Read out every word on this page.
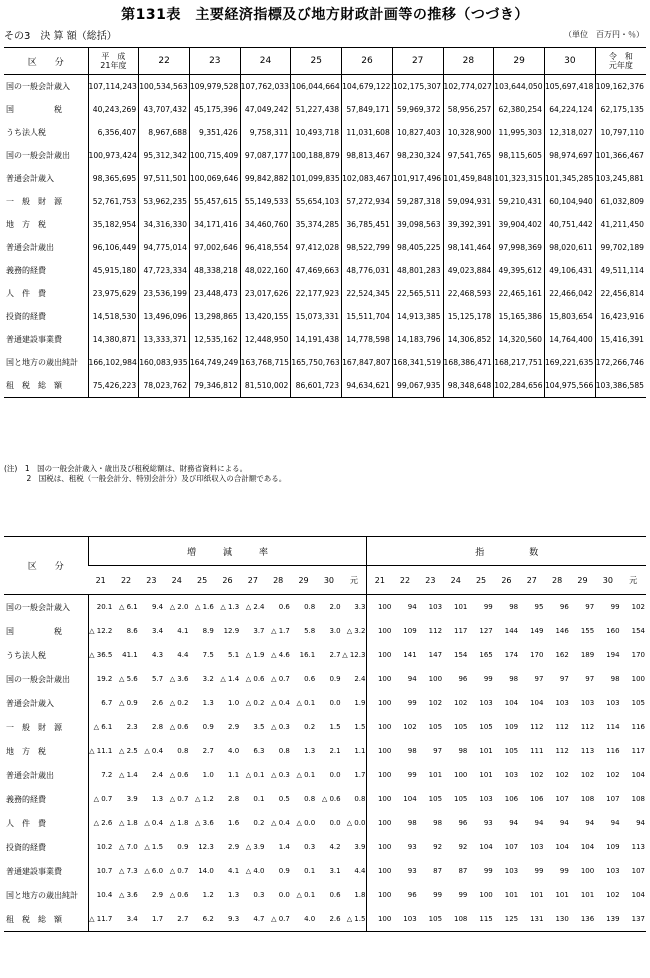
第131表　主要経済指標及び地方財政計画等の推移（つづき）
その3　決 算 額（総括）	（単位　百万円・％）
区　　分	平　成
21年度	22	23	24	25	26	27	28	29	30	令　和
元年度
国の一般会計歳入	107,114,243	100,534,563	109,979,528	107,762,033	106,044,664	104,679,122	102,175,307	102,774,027	103,644,050	105,697,418	109,162,376
国　　　　　税	40,243,269	43,707,432	45,175,396	47,049,242	51,227,438	57,849,171	59,969,372	58,956,257	62,380,254	64,224,124	62,175,135
うち法人税	6,356,407	8,967,688	9,351,426	9,758,311	10,493,718	11,031,608	10,827,403	10,328,900	11,995,303	12,318,027	10,797,110
国の一般会計歳出	100,973,424	95,312,342	100,715,409	97,087,177	100,188,879	98,813,467	98,230,324	97,541,765	98,115,605	98,974,697	101,366,467
普通会計歳入	98,365,695	97,511,501	100,069,646	99,842,882	101,099,835	102,083,467	101,917,496	101,459,848	101,323,315	101,345,285	103,245,881
一　般　財　源	52,761,753	53,962,235	55,457,615	55,149,533	55,654,103	57,272,934	59,287,318	59,094,931	59,210,431	60,104,940	61,032,809
地　方　税	35,182,954	34,316,330	34,171,416	34,460,760	35,374,285	36,785,451	39,098,563	39,392,391	39,904,402	40,751,442	41,211,450
普通会計歳出	96,106,449	94,775,014	97,002,646	96,418,554	97,412,028	98,522,799	98,405,225	98,141,464	97,998,369	98,020,611	99,702,189
義務的経費	45,915,180	47,723,334	48,338,218	48,022,160	47,469,663	48,776,031	48,801,283	49,023,884	49,395,612	49,106,431	49,511,114
人　件　費	23,975,629	23,536,199	23,448,473	23,017,626	22,177,923	22,524,345	22,565,511	22,468,593	22,465,161	22,466,042	22,456,814
投資的経費	14,518,530	13,496,096	13,298,865	13,420,155	15,073,331	15,511,704	14,913,385	15,125,178	15,165,386	15,803,654	16,423,916
普通建設事業費	14,380,871	13,333,371	12,535,162	12,448,950	14,191,438	14,778,598	14,183,796	14,306,852	14,320,560	14,764,400	15,416,391
国と地方の歳出純計	166,102,984	160,083,935	164,749,249	163,768,715	165,750,763	167,847,807	168,341,519	168,386,471	168,217,751	169,221,635	172,266,746
租　税　総　額	75,426,223	78,023,762	79,346,812	81,510,002	86,601,723	94,634,621	99,067,935	98,348,648	102,284,656	104,975,566	103,386,585
(注)　1　国の一般会計歳入・歳出及び租税総額は、財務省資料による。
　　　2　国税は、租税（一般会計分、特別会計分）及び印紙収入の合計額である。
区　　分	増　　　減　　　率											指　　　　　数										
	21	22	23	24	25	26	27	28	29	30	元	21	22	23	24	25	26	27	28	29	30	元
国の一般会計歳入	20.1	△ 6.1	9.4	△ 2.0	△ 1.6	△ 1.3	△ 2.4	0.6	0.8	2.0	3.3	100	94	103	101	99	98	95	96	97	99	102
国　　　　　税	△ 12.2	8.6	3.4	4.1	8.9	12.9	3.7	△ 1.7	5.8	3.0	△ 3.2	100	109	112	117	127	144	149	146	155	160	154
うち法人税	△ 36.5	41.1	4.3	4.4	7.5	5.1	△ 1.9	△ 4.6	16.1	2.7	△ 12.3	100	141	147	154	165	174	170	162	189	194	170
国の一般会計歳出	19.2	△ 5.6	5.7	△ 3.6	3.2	△ 1.4	△ 0.6	△ 0.7	0.6	0.9	2.4	100	94	100	96	99	98	97	97	97	98	100
普通会計歳入	6.7	△ 0.9	2.6	△ 0.2	1.3	1.0	△ 0.2	△ 0.4	△ 0.1	0.0	1.9	100	99	102	102	103	104	104	103	103	103	105
一　般　財　源	△ 6.1	2.3	2.8	△ 0.6	0.9	2.9	3.5	△ 0.3	0.2	1.5	1.5	100	102	105	105	105	109	112	112	112	114	116
地　方　税	△ 11.1	△ 2.5	△ 0.4	0.8	2.7	4.0	6.3	0.8	1.3	2.1	1.1	100	98	97	98	101	105	111	112	113	116	117
普通会計歳出	7.2	△ 1.4	2.4	△ 0.6	1.0	1.1	△ 0.1	△ 0.3	△ 0.1	0.0	1.7	100	99	101	100	101	103	102	102	102	102	104
義務的経費	△ 0.7	3.9	1.3	△ 0.7	△ 1.2	2.8	0.1	0.5	0.8	△ 0.6	0.8	100	104	105	105	103	106	106	107	108	107	108
人　件　費	△ 2.6	△ 1.8	△ 0.4	△ 1.8	△ 3.6	1.6	0.2	△ 0.4	△ 0.0	0.0	△ 0.0	100	98	98	96	93	94	94	94	94	94	94
投資的経費	10.2	△ 7.0	△ 1.5	0.9	12.3	2.9	△ 3.9	1.4	0.3	4.2	3.9	100	93	92	92	104	107	103	104	104	109	113
普通建設事業費	10.7	△ 7.3	△ 6.0	△ 0.7	14.0	4.1	△ 4.0	0.9	0.1	3.1	4.4	100	93	87	87	99	103	99	99	100	103	107
国と地方の歳出純計	10.4	△ 3.6	2.9	△ 0.6	1.2	1.3	0.3	0.0	△ 0.1	0.6	1.8	100	96	99	99	100	101	101	101	101	102	104
租　税　総　額	△ 11.7	3.4	1.7	2.7	6.2	9.3	4.7	△ 0.7	4.0	2.6	△ 1.5	100	103	105	108	115	125	131	130	136	139	137
